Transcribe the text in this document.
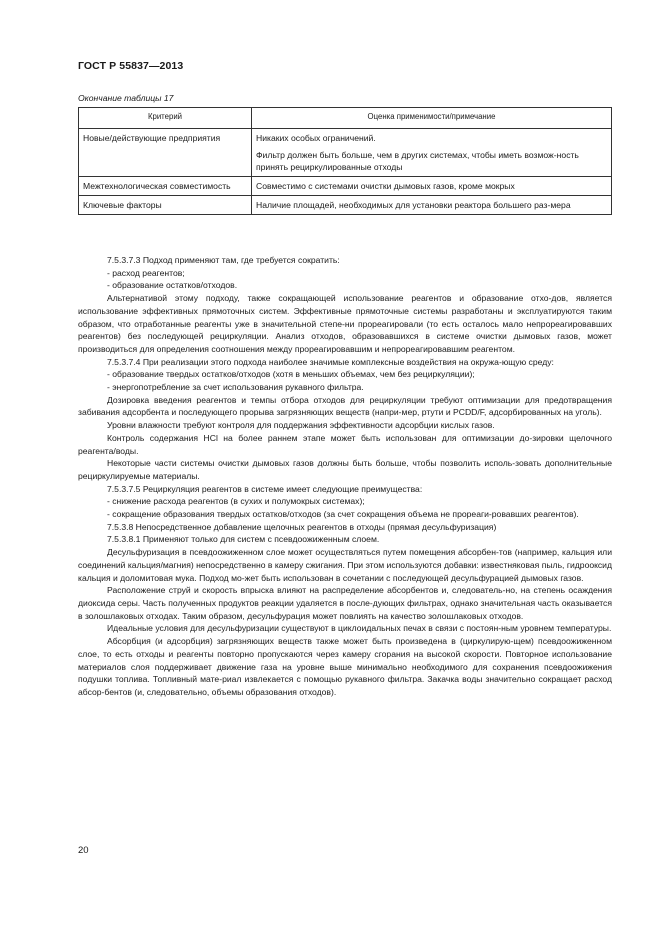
ГОСТ Р 55837—2013
Окончание таблицы 17
Критерий	Оценка применимости/примечание
Новые/действующие предприятия	Никаких особых ограничений.

Фильтр должен быть больше, чем в других системах, чтобы иметь возмож-ность принять рециркулированные отходы

Межтехнологическая совместимость	Совместимо с системами очистки дымовых газов, кроме мокрых

Ключевые факторы	Наличие площадей, необходимых для установки реактора большего раз-мера

7.5.3.7.3 Подход применяют там, где требуется сократить:

- расход реагентов;

- образование остатков/отходов.

Альтернативой этому подходу, также сокращающей использование реагентов и образование отхо-дов, является использование эффективных прямоточных систем. Эффективные прямоточные системы разработаны и эксплуатируются таким образом, что отработанные реагенты уже в значительной степе-ни прореагировали (то есть осталось мало непрореагировавших реагентов) без последующей рециркуляции. Анализ отходов, образовавшихся в системе очистки дымовых газов, может производиться для определения соотношения между прореагировавшим и непрореагировавшим реагентом.

7.5.3.7.4 При реализации этого подхода наиболее значимые комплексные воздействия на окружа-ющую среду:

- образование твердых остатков/отходов (хотя в меньших объемах, чем без рециркуляции);

- энергопотребление за счет использования рукавного фильтра.

Дозировка введения реагентов и темпы отбора отходов для рециркуляции требуют оптимизации для предотвращения забивания адсорбента и последующего прорыва загрязняющих веществ (напри-мер, ртути и PCDD/F, адсорбированных на уголь).

Уровни влажности требуют контроля для поддержания эффективности адсорбции кислых газов.

Контроль содержания HCl на более раннем этапе может быть использован для оптимизации до-зировки щелочного реагента/воды.

Некоторые части системы очистки дымовых газов должны быть больше, чтобы позволить исполь-зовать дополнительные рециркулируемые материалы.

7.5.3.7.5 Рециркуляция реагентов в системе имеет следующие преимущества:

- снижение расхода реагентов (в сухих и полумокрых системах);

- сокращение образования твердых остатков/отходов (за счет сокращения объема не прореаги-ровавших реагентов).

7.5.3.8 Непосредственное добавление щелочных реагентов в отходы (прямая десульфуризация)

7.5.3.8.1 Применяют только для систем с псевдоожиженным слоем.

Десульфуризация в псевдоожиженном слое может осуществляться путем помещения абсорбен-тов (например, кальция или соединений кальция/магния) непосредственно в камеру сжигания. При этом используются добавки: известняковая пыль, гидроокcид кальция и доломитовая мука. Подход мо-жет быть использован в сочетании с последующей десульфурацией дымовых газов.

Расположение струй и скорость впрыска влияют на распределение абсорбентов и, следователь-но, на степень осаждения диоксида серы. Часть полученных продуктов реакции удаляется в после-дующих фильтрах, однако значительная часть оказывается в золошлаковых отходах. Таким образом, десульфурация может повлиять на качество золошлаковых отходов.

Идеальные условия для десульфуризации существуют в циклоидальных печах в связи с постоян-ным уровнем температуры.

Абсорбция (и адсорбция) загрязняющих веществ также может быть произведена в (циркулирую-щем) псевдоожиженном слое, то есть отходы и реагенты повторно пропускаются через камеру сгорания на высокой скорости. Повторное использование материалов слоя поддерживает движение газа на уровне выше минимально необходимого для сохранения псевдоожижения подушки топлива. Топливный мате-риал извлекается с помощью рукавного фильтра. Закачка воды значительно сокращает расход абсор-бентов (и, следовательно, объемы образования отходов).

20
